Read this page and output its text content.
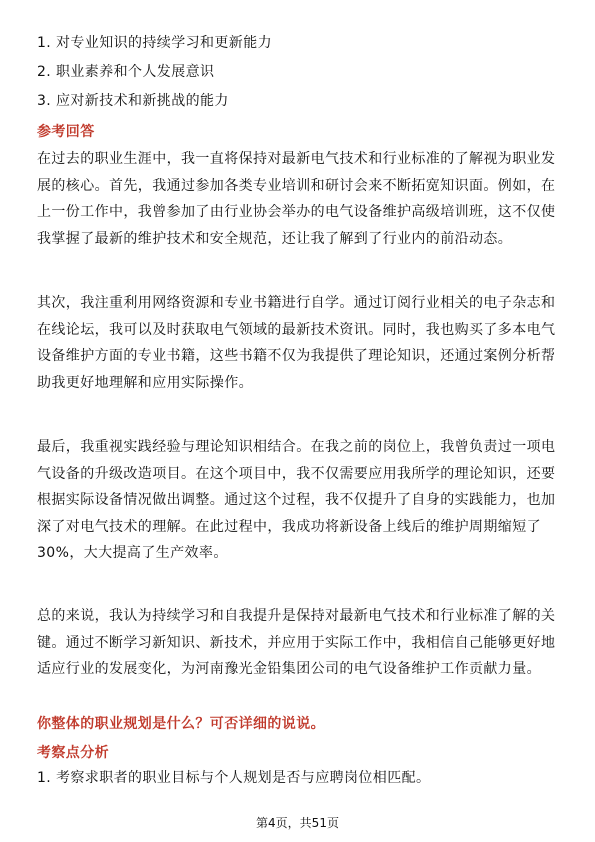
1. 对专业知识的持续学习和更新能力
2. 职业素养和个人发展意识
3. 应对新技术和新挑战的能力
参考回答
在过去的职业生涯中，我一直将保持对最新电气技术和行业标准的了解视为职业发展的核心。首先，我通过参加各类专业培训和研讨会来不断拓宽知识面。例如，在上一份工作中，我曾参加了由行业协会举办的电气设备维护高级培训班，这不仅使我掌握了最新的维护技术和安全规范，还让我了解到了行业内的前沿动态。
其次，我注重利用网络资源和专业书籍进行自学。通过订阅行业相关的电子杂志和在线论坛，我可以及时获取电气领域的最新技术资讯。同时，我也购买了多本电气设备维护方面的专业书籍，这些书籍不仅为我提供了理论知识，还通过案例分析帮助我更好地理解和应用实际操作。
最后，我重视实践经验与理论知识相结合。在我之前的岗位上，我曾负责过一项电气设备的升级改造项目。在这个项目中，我不仅需要应用我所学的理论知识，还要根据实际设备情况做出调整。通过这个过程，我不仅提升了自身的实践能力，也加深了对电气技术的理解。在此过程中，我成功将新设备上线后的维护周期缩短了30%，大大提高了生产效率。
总的来说，我认为持续学习和自我提升是保持对最新电气技术和行业标准了解的关键。通过不断学习新知识、新技术，并应用于实际工作中，我相信自己能够更好地适应行业的发展变化，为河南豫光金铅集团公司的电气设备维护工作贡献力量。
你整体的职业规划是什么？可否详细的说说。
考察点分析
1. 考察求职者的职业目标与个人规划是否与应聘岗位相匹配。
第4页，共51页
